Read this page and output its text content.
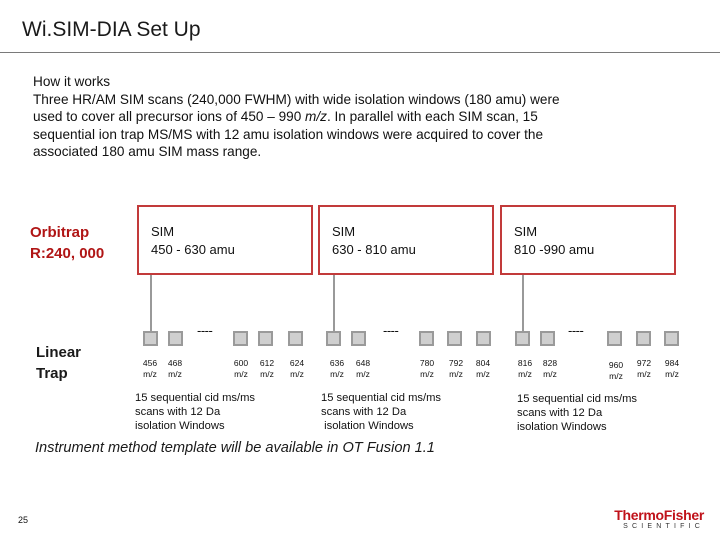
Wi.SIM-DIA Set Up
How it works
Three HR/AM SIM scans (240,000 FWHM) with wide isolation windows (180 amu) were
used to cover all precursor ions of 450 – 990 m/z. In parallel with each SIM scan, 15
sequential ion trap MS/MS with 12 amu isolation windows were acquired to cover the
associated 180 amu SIM mass range.
Orbitrap
R:240, 000
Linear
Trap
SIM
450 - 630 amu
SIM
630 - 810 amu
SIM
810 -990 amu
----	----	----
456
m/z
468
m/z
600
m/z
612
m/z
624
m/z
636
m/z
648
m/z
780
m/z
792
m/z
804
m/z
816
m/z
828
m/z
960
m/z
972
m/z
984
m/z
15 sequential cid ms/ms
scans with 12 Da
isolation Windows
15 sequential cid ms/ms
scans with 12 Da
isolation Windows
15 sequential cid ms/ms
scans with 12 Da
isolation Windows
Instrument method template will be available in OT Fusion 1.1
25	ThermoFisher
SCIENTIFIC
